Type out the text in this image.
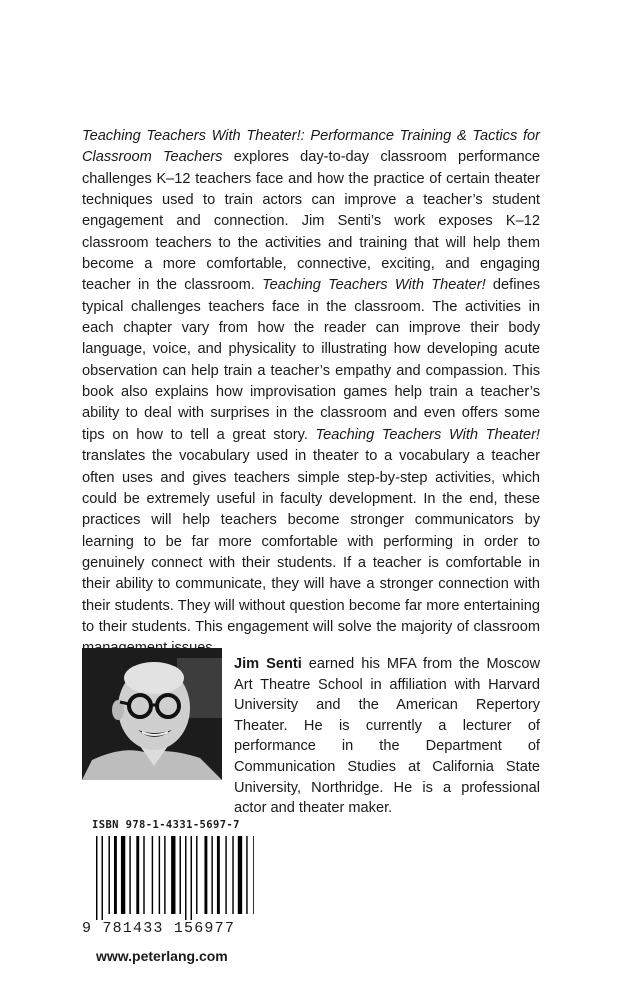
Teaching Teachers With Theater!: Performance Training & Tactics for Classroom Teachers explores day-to-day classroom performance challenges K–12 teachers face and how the practice of certain theater techniques used to train actors can improve a teacher’s student engagement and connection. Jim Senti’s work exposes K–12 classroom teachers to the activities and training that will help them become a more comfortable, connective, exciting, and engaging teacher in the classroom. Teaching Teachers With Theater! defines typical challenges teachers face in the classroom. The activities in each chapter vary from how the reader can improve their body language, voice, and physicality to illustrating how developing acute observation can help train a teacher’s empathy and compassion. This book also explains how improvisation games help train a teacher’s ability to deal with surprises in the classroom and even offers some tips on how to tell a great story. Teaching Teachers With Theater! translates the vocabulary used in theater to a vocabulary a teacher often uses and gives teachers simple step-by-step activities, which could be extremely useful in faculty development. In the end, these practices will help teachers become stronger communicators by learning to be far more comfortable with performing in order to genuinely connect with their students. If a teacher is comfortable in their ability to communicate, they will have a stronger connection with their students. They will without question become far more entertaining to their students. This engagement will solve the majority of classroom

Jim Senti earned his MFA from the Moscow Art Theatre School in affiliation with Harvard University and the American Repertory Theater. He is currently a lecturer of performance in the Department of Communication Studies at California State University, Northridge. He is a professional actor and theater maker.

ISBN 978-1-4331-5697-7
9 781433 156977
www.peterlang.com
